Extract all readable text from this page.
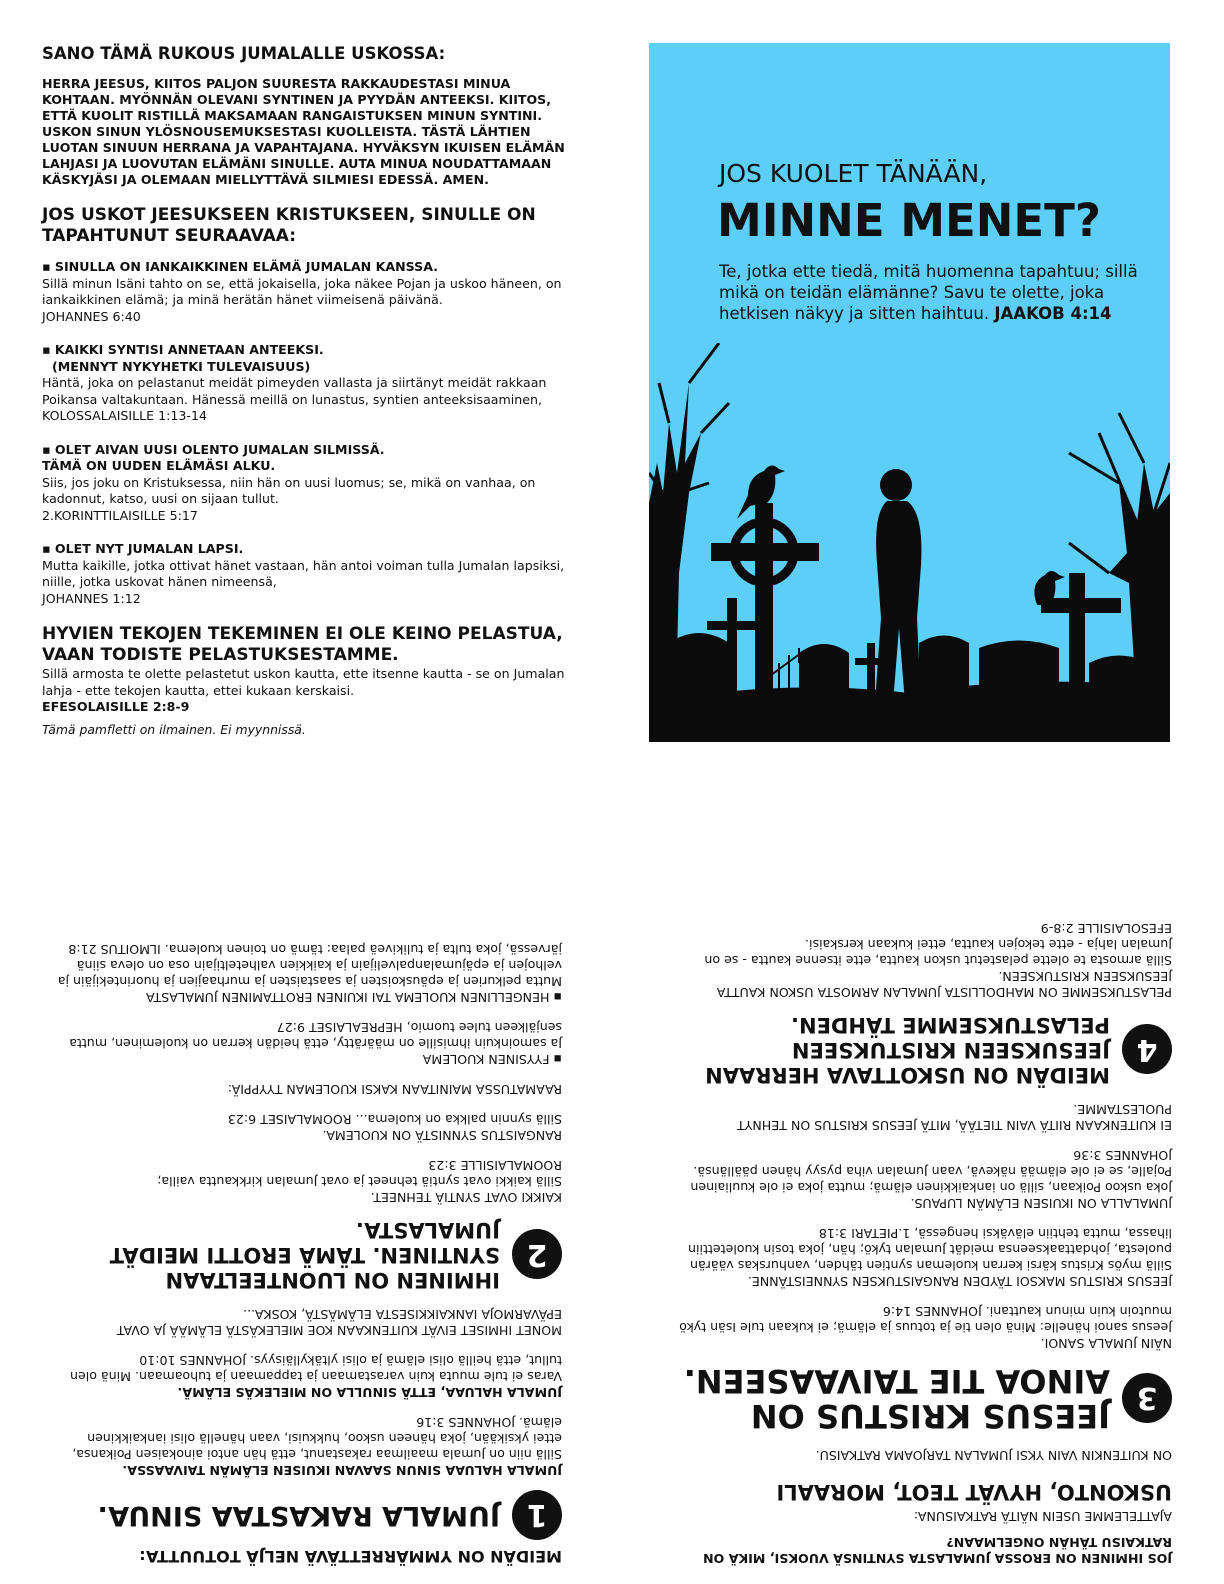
SANO TÄMÄ RUKOUS JUMALALLE USKOSSA:
HERRA JEESUS, KIITOS PALJON SUURESTA RAKKAUDESTASI MINUA KOHTAAN. MYÖNNÄN OLEVANI SYNTINEN JA PYYDÄN ANTEEKSI. KIITOS, ETTÄ KUOLIT RISTILLÄ MAKSAMAAN RANGAISTUKSEN MINUN SYNTINI. USKON SINUN YLÖSNOUSEMUKSESTASI KUOLLEISTA. TÄSTÄ LÄHTIEN LUOTAN SINUUN HERRANA JA VAPAHTAJANA. HYVÄKSYN IKUISEN ELÄMÄN LAHJASI JA LUOVUTAN ELÄMÄNI SINULLE. AUTA MINUA NOUDATTAMAAN KÄSKYJÄSI JA OLEMAAN MIELLYTTÄVÄ SILMIESI EDESSÄ. AMEN.
JOS USKOT JEESUKSEEN KRISTUKSEEN, SINULLE ON TAPAHTUNUT SEURAAVAA:
▪ SINULLA ON IANKAIKKINEN ELÄMÄ JUMALAN KANSSA.
Sillä minun Isäni tahto on se, että jokaisella, joka näkee Pojan ja uskoo häneen, on iankaikkinen elämä; ja minä herätän hänet viimeisenä päivänä.
JOHANNES 6:40
▪ KAIKKI SYNTISI ANNETAAN ANTEEKSI.
(MENNYT NYKYHETKI TULEVAISUUS)
Häntä, joka on pelastanut meidät pimeyden vallasta ja siirtänyt meidät rakkaan Poikansa valtakuntaan. Hänessä meillä on lunastus, syntien anteeksisaaminen,
KOLOSSALAISILLE 1:13-14
▪ OLET AIVAN UUSI OLENTO JUMALAN SILMISSÄ.
TÄMÄ ON UUDEN ELÄMÄSI ALKU.
Siis, jos joku on Kristuksessa, niin hän on uusi luomus; se, mikä on vanhaa, on kadonnut, katso, uusi on sijaan tullut.
2.KORINTTILAISILLE 5:17
▪ OLET NYT JUMALAN LAPSI.
Mutta kaikille, jotka ottivat hänet vastaan, hän antoi voiman tulla Jumalan lapsiksi, niille, jotka uskovat hänen nimeensä,
JOHANNES 1:12
HYVIEN TEKOJEN TEKEMINEN EI OLE KEINO PELASTUA, VAAN TODISTE PELASTUKSESTAMME.
Sillä armosta te olette pelastetut uskon kautta, ette itsenne kautta - se on Jumalan lahja - ette tekojen kautta, ettei kukaan kerskaisi.
EFESOLAISILLE 2:8-9
Tämä pamfletti on ilmainen. Ei myynnissä.
JOS KUOLET TÄNÄÄN,
MINNE MENET?
Te, jotka ette tiedä, mitä huomenna tapahtuu; sillä mikä on teidän elämänne? Savu te olette, joka hetkisen näkyy ja sitten haihtuu. JAAKOB 4:14
MEIDÄN ON YMMÄRRETTÄVÄ NELJÄ TOTUUTTA:
1
JUMALA RAKASTAA SINUA.
JUMALA HALUAA SINUN SAAVAN IKUISEN ELÄMÄN TAIVAASSA.
Sillä niin on Jumala maailmaa rakastanut, että hän antoi ainokaisen Poikansa, ettei yksikään, joka häneen uskoo, hukkuisi, vaan hänellä olisi iankaikkinen elämä. JOHANNES 3:16
JUMALA HALUAA, ETTÄ SINULLA ON MIELEKÄS ELÄMÄ.
Varas ei tule muuta kuin varastamaan ja tappamaan ja tuhoamaan. Minä olen tullut, että heillä olisi elämä ja olisi yltäkylläisyys. JOHANNES 10:10
MONET IHMISET EIVÄT KUITENKAAN KOE MIELEKÄSTÄ ELÄMÄÄ JA OVAT EPÄVARMOJA IANKAIKKISESTA ELÄMÄSTÄ, KOSKA...
2
IHMINEN ON LUONTEELTAAN SYNTINEN. TÄMÄ EROTTI MEIDÄT JUMALASTA.
KAIKKI OVAT SYNTIÄ TEHNEET.
Sillä kaikki ovat syntiä tehneet ja ovat Jumalan kirkkautta vailla; ROOMALAISILLE 3:23
RANGAISTUS SYNNISTÄ ON KUOLEMA.
Sillä synnin palkka on kuolema... ROOMALAISET 6:23
RAAMATUSSA MAINITAAN KAKSI KUOLEMAN TYYPPIÄ:
▪ FYYSINEN KUOLEMA
Ja samoinkuin ihmisille on määrätty, että heidän kerran on kuoleminen, mutta senjälkeen tulee tuomio, HEPREALAISET 9:27
▪ HENGELLINEN KUOLEMA TAI IKUINEN EROTTAMINEN JUMALASTA
Mutta pelkurien ja epäuskoisten ja saastaisten ja murhaajien ja huorintekijäin ja velhojen ja epäjumalanpalvelijain ja kaikkien valheteltijain osa on oleva siinä järvessä, joka tulta ja tulikiveä palaa: tämä on toinen kuolema. ILMOITUS 21:8
JOS IHMINEN ON EROSSA JUMALASTA SYNTINSÄ VUOKSI, MIKÄ ON RATKAISU TÄHÄN ONGELMAAN?
AJATTELEMME USEIN NÄITÄ RATKAISUNA:
USKONTO, HYVÄT TEOT, MORAALI
ON KUITENKIN VAIN YKSI JUMALAN TARJOAMA RATKAISU.
3
JEESUS KRISTUS ON AINOA TIE TAIVAASEEN.
NÄIN JUMALA SANOI.
Jeesus sanoi hänelle: Minä olen tie ja totuus ja elämä; ei kukaan tule Isän tykö muutoin kuin minun kauttani. JOHANNES 14:6
JEESUS KRISTUS MAKSOI TÄYDEN RANGAISTUKSEN SYNNEISTÄNNE.
Sillä myös Kristus kärsi kerran kuoleman syntien tähden, vanhurskas väärän puolesta, johdattaakseensa meidät Jumalan tykö; hän, joka tosin kuoletettiin lihassa, mutta tehtiin eläväksi hengessä, 1.PIETARI 3:18
JUMALALLA ON IKUISEN ELÄMÄN LUPAUS.
Joka uskoo Poikaan, sillä on iankaikkinen elämä; mutta joka ei ole kuuliainen Pojalle, se ei ole elämää näkevä, vaan Jumalan viha pysyy hänen päällänsä. JOHANNES 3:36
EI KUITENKAAN RIITÄ VAIN TIETÄÄ, MITÄ JEESUS KRISTUS ON TEHNYT PUOLESTAMME.
4
MEIDÄN ON USKOTTAVA HERRAAN JEESUKSEEN KRISTUKSEEN PELASTUKSEMME TÄHDEN.
PELASTUKSEMME ON MAHDOLLISTA JUMALAN ARMOSTA USKON KAUTTA JEESUKSEEN KRISTUKSEEN.
Sillä armosta te olette pelastetut uskon kautta, ette itsenne kautta - se on Jumalan lahja - ette tekojen kautta, ettei kukaan kerskaisi.
EFESOLAISILLE 2:8-9
